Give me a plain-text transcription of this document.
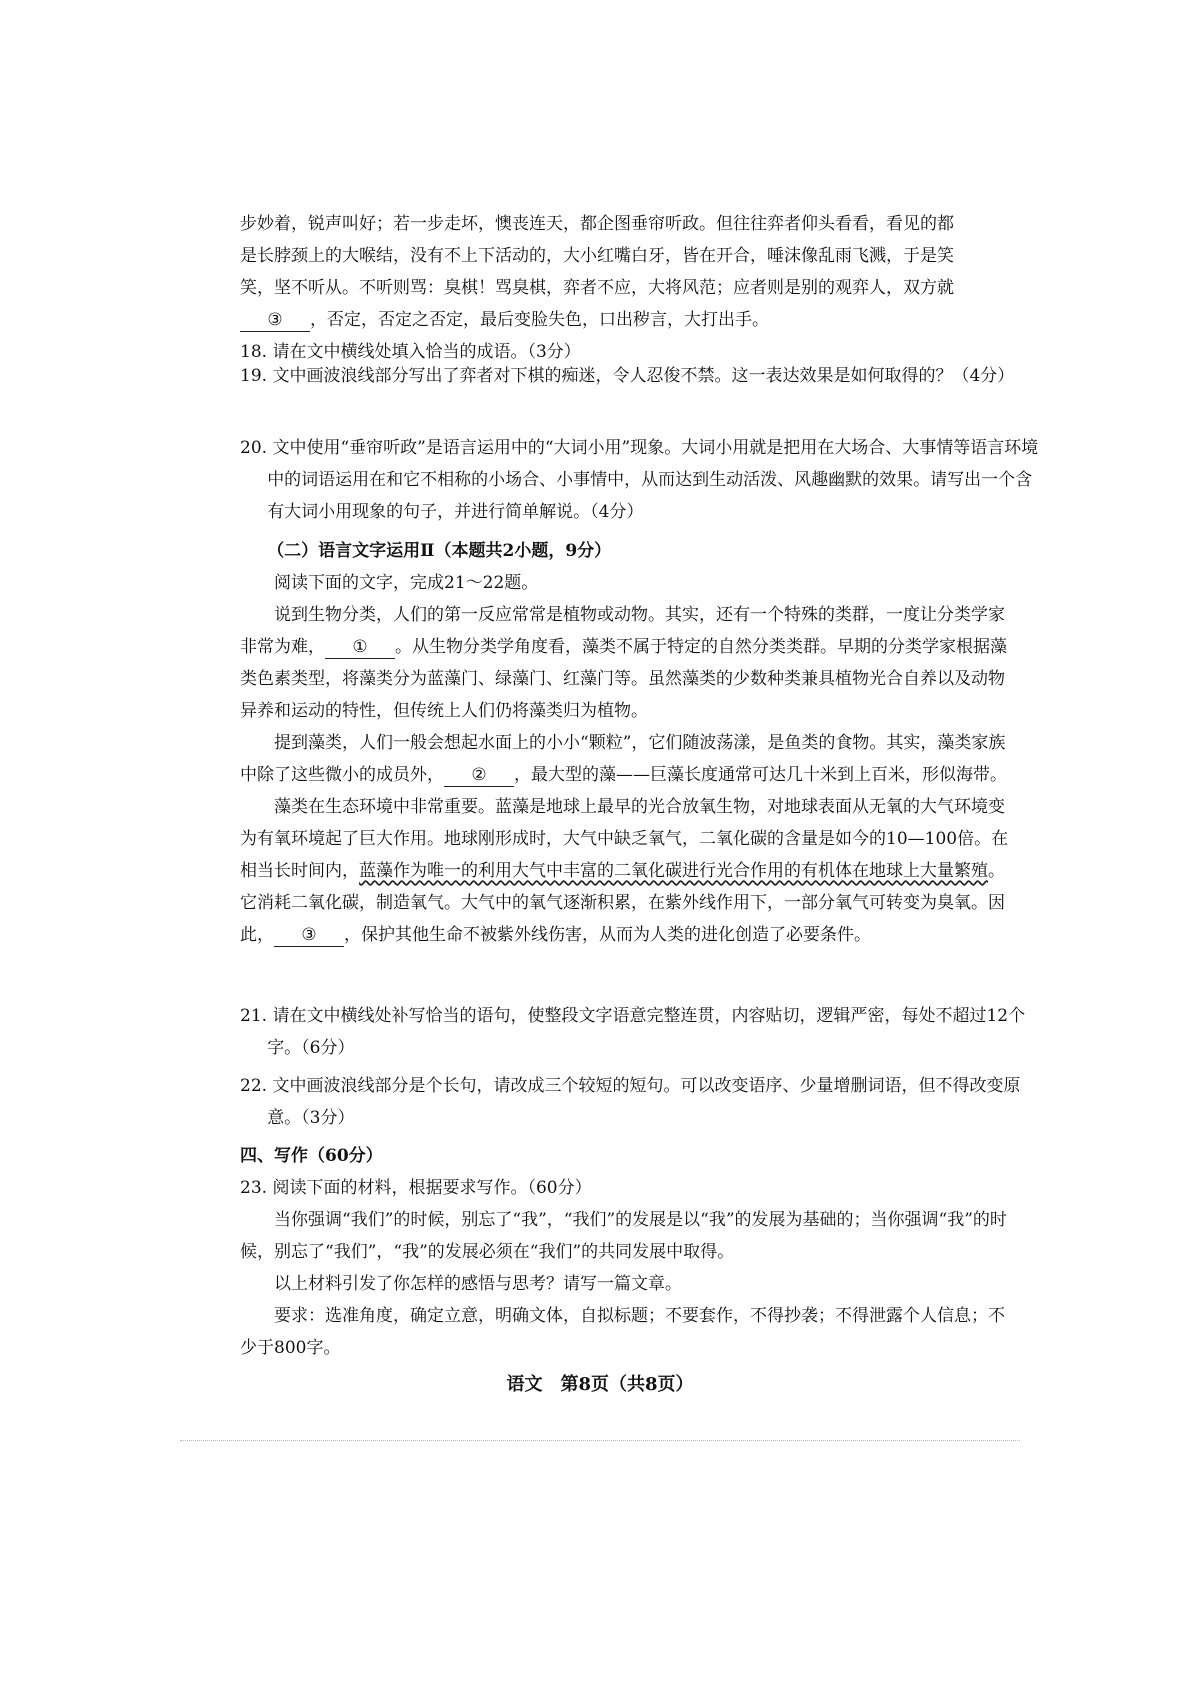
步妙着，锐声叫好；若一步走坏，懊丧连天，都企图垂帘听政。但往往弈者仰头看看，看见的都

是长脖颈上的大喉结，没有不上下活动的，大小红嘴白牙，皆在开合，唾沫像乱雨飞溅，于是笑

笑，坚不听从。不听则骂：臭棋！骂臭棋，弈者不应，大将风范；应者则是别的观弈人，双方就

③ ，否定，否定之否定，最后变脸失色，口出秽言，大打出手。

18. 请在文中横线处填入恰当的成语。（3分）
19. 文中画波浪线部分写出了弈者对下棋的痴迷，令人忍俊不禁。这一表达效果是如何取得的？（4分）
20. 文中使用“垂帘听政”是语言运用中的“大词小用”现象。大词小用就是把用在大场合、大事情等语言环境中的词语运用在和它不相称的小场合、小事情中，从而达到生动活泼、风趣幽默的效果。请写出一个含有大词小用现象的句子，并进行简单解说。（4分）

（二）语言文字运用Ⅱ（本题共2小题，9分）

阅读下面的文字，完成21～22题。

说到生物分类，人们的第一反应常常是植物或动物。其实，还有一个特殊的类群，一度让分类学家非常为难， ① 。从生物分类学角度看，藻类不属于特定的自然分类类群。早期的分类学家根据藻类色素类型，将藻类分为蓝藻门、绿藻门、红藻门等。虽然藻类的少数种类兼具植物光合自养以及动物异养和运动的特性，但传统上人们仍将藻类归为植物。

提到藻类，人们一般会想起水面上的小小“颗粒”，它们随波荡漾，是鱼类的食物。其实，藻类家族中除了这些微小的成员外， ② ，最大型的藻——巨藻长度通常可达几十米到上百米，形似海带。

藻类在生态环境中非常重要。蓝藻是地球上最早的光合放氧生物，对地球表面从无氧的大气环境变为有氧环境起了巨大作用。地球刚形成时，大气中缺乏氧气，二氧化碳的含量是如今的10—100倍。在相当长时间内，蓝藻作为唯一的利用大气中丰富的二氧化碳进行光合作用的有机体在地球上大量繁殖。它消耗二氧化碳，制造氧气。大气中的氧气逐渐积累，在紫外线作用下，一部分氧气可转变为臭氧。因此， ③ ，保护其他生命不被紫外线伤害，从而为人类的进化创造了必要条件。

21. 请在文中横线处补写恰当的语句，使整段文字语意完整连贯，内容贴切，逻辑严密，每处不超过12个字。（6分）
22. 文中画波浪线部分是个长句，请改成三个较短的短句。可以改变语序、少量增删词语，但不得改变原意。（3分）

四、写作（60分）

23. 阅读下面的材料，根据要求写作。（60分）

当你强调“我们”的时候，别忘了“我”，“我们”的发展是以“我”的发展为基础的；当你强调“我”的时候，别忘了“我们”，“我”的发展必须在“我们”的共同发展中取得。

以上材料引发了你怎样的感悟与思考？请写一篇文章。

要求：选准角度，确定立意，明确文体，自拟标题；不要套作，不得抄袭；不得泄露个人信息；不少于800字。

语文　第8页（共8页）
